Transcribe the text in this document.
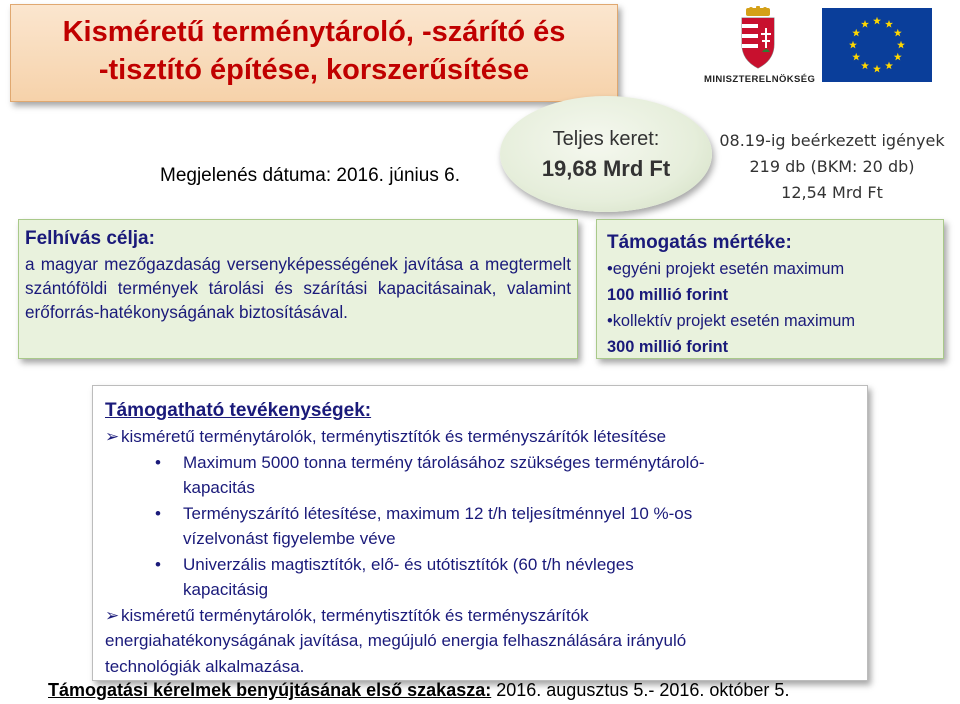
Kisméretű terménytároló, -szárító és
-tisztító építése, korszerűsítése	MINISZTERELNÖKSÉG
Megjelenés dátuma: 2016. június 6.
Teljes keret:
19,68 Mrd Ft
08.19-ig beérkezett igények
219 db (BKM: 20 db)
12,54 Mrd Ft
Felhívás célja:
a magyar mezőgazdaság versenyképességének javítása a megtermelt szántóföldi termények tárolási és szárítási kapacitásainak, valamint erőforrás-hatékonyságának biztosításával.
Támogatás mértéke:
•egyéni projekt esetén maximum
100 millió forint
•kollektív projekt esetén maximum
300 millió forint
Támogatható tevékenységek:
➢ kisméretű terménytárolók, terménytisztítók és terményszárítók létesítése
• Maximum 5000 tonna termény tárolásához szükséges terménytároló-
kapacitás
• Terményszárító létesítése, maximum 12 t/h teljesítménnyel 10 %-os
vízelvonást figyelembe véve
• Univerzális magtisztítók, elő- és utótisztítók (60 t/h névleges
kapacitásig
➢ kisméretű terménytárolók, terménytisztítók és terményszárítók
energiahatékonyságának javítása, megújuló energia felhasználására irányuló
technológiák alkalmazása.
Támogatási kérelmek benyújtásának első szakasza: 2016. augusztus 5.- 2016. október 5.
